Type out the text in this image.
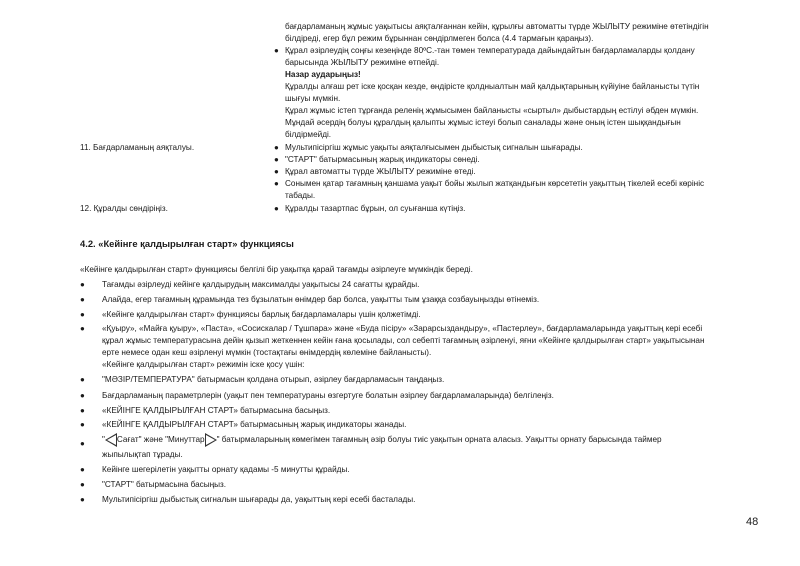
бағдарламаның жұмыс уақытысы аяқталғаннан кейін, құрылғы автоматты түрде ЖЫЛЫТУ режиміне өтетіндігін
білдіреді, егер бұл режим бұрыннан сөндірлмеген болса (4.4 тармағын қараңыз).
● Құрал әзірлеудің соңғы кезеңінде 80ºС.-тан төмен температурада дайындайтын бағдарламаларды қолдану
барысында ЖЫЛЫТУ режиміне өтпейді.
Назар аударыңыз!
Құралды алғаш рет іске қосқан кезде, өндірісте қолдныалтын май қалдықтарының күйіуіне байланысты түтін
шығуы мүмкін.
Құрал жұмыс істеп тұрғанда реленің жұмысымен байланысты «сыртыл» дыбыстардың естілуі әбден мүмкін.
Мұндай әсердің болуы құралдың қалыпты жұмыс істеуі болып саналады және оның істен шыққандығын
білдірмейді.
11. Бағдарламаның аяқталуы.	● Мультипісіргіш жұмыс уақыты аяқталғысымен дыбыстық сигналын шығарады.
● "СТАРТ" батырмасының жарық индикаторы сөнеді.
● Құрал автоматты түрде ЖЫЛЫТУ режиміне өтеді.
● Сонымен қатар тағамның қаншама уақыт бойы жылып жатқандығын көрсететін уақыттың тікелей есебі көрініс
табады.
12. Құралды сөндіріңіз.	● Құралды тазартпас бұрын, ол суығанша күтіңіз.
4.2. «Кейінге қалдырылған старт» функциясы
«Кейінге қалдырылған старт» функциясы белгілі бір уақытқа қарай тағамды әзірлеуге мүмкіндік береді.
● Тағамды әзірлеуді кейінге қалдырудың максималды уақытысы 24 сағатты құрайды.
● Алайда, егер тағамның құрамында тез бұзылатын өнімдер бар болса, уақытты тым ұзаққа созбауыңызды өтінеміз.
● «Кейінге қалдырылған старт» функциясы барлық бағдарламалары үшін қолжетімді.
● «Қуыру», «Майға қуыру», «Паста», «Сосискалар / Тұшпара» және «Буда пісіру» «Зарарсыздандыру», «Пастерлеу», бағдарламаларында уақыттың кері есебі
құрал жұмыс температурасына дейін қызып жеткеннен кейін ғана қосылады, сол себепті тағамның әзірленуі, яғни «Кейінге қалдырылған старт» уақытысынан
ерте немесе одан кеш әзірленуі мүмкін (тостақтағы өнімдердің көлеміне байланысты).
«Кейінге қалдырылған старт» режимін іске қосу үшін:
● "МӘЗІР/ТЕМПЕРАТУРА" батырмасын қолдана отырып, әзірлеу бағдарламасын таңдаңыз.
● Бағдарламаның параметрлерін (уақыт пен температураны өзгертуге болатын әзірлеу бағдарламаларында) белгілеңіз.
● «КЕЙІНГЕ ҚАЛДЫРЫЛҒАН СТАРТ» батырмасына басыңыз.
● «КЕЙІНГЕ ҚАЛДЫРЫЛҒАН СТАРТ» батырмасының жарық индикаторы жанады.
● " Сағат" және "Минуттар " батырмаларының көмегімен тағамның әзір болуы тиіс уақытын орната аласыз. Уақытты орнату барысында таймер
жыпылықтап тұрады.
● Кейінге шегерілетін уақытты орнату қадамы -5 минутты құрайды.
● "СТАРТ" батырмасына басыңыз.
● Мультипісіргіш дыбыстық сигналын шығарады да, уақыттың кері есебі басталады.
48
